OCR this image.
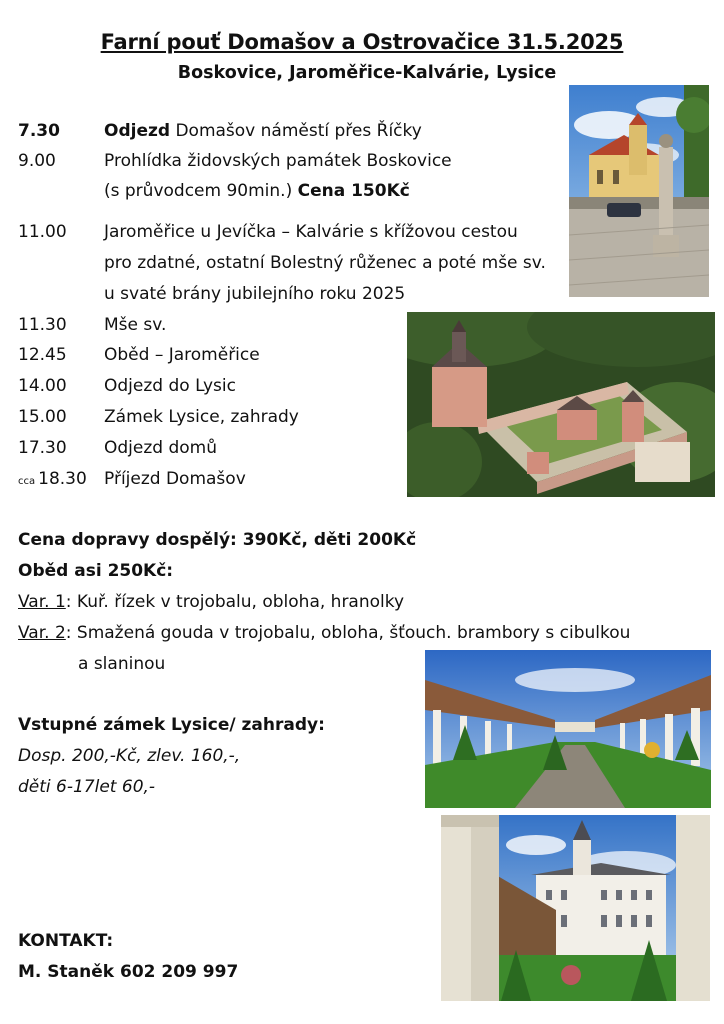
Farní pouť Domašov a Ostrovačice 31.5.2025
Boskovice, Jaroměřice-Kalvárie, Lysice
7.30	Odjezd Domašov náměstí přes Říčky
9.00	Prohlídka židovských památek Boskovice
(s průvodcem 90min.) Cena 150Kč
11.00	Jaroměřice u Jevíčka – Kalvárie s křížovou cestou
pro zdatné, ostatní Bolestný růženec a poté mše sv.
u svaté brány jubilejního roku 2025
11.30	Mše sv.
12.45	Oběd – Jaroměřice
14.00	Odjezd do Lysic
15.00	Zámek Lysice, zahrady
17.30	Odjezd domů
cca 18.30	Příjezd Domašov
Cena dopravy dospělý: 390Kč, děti 200Kč
Oběd asi 250Kč:
Var. 1: Kuř. řízek v trojobalu, obloha, hranolky
Var. 2: Smažená gouda v trojobalu, obloha, šťouch. brambory s cibulkou
a slaninou
Vstupné zámek Lysice/ zahrady:
Dosp. 200,-Kč, zlev. 160,-,
děti 6-17let 60,-
KONTAKT:
M. Staněk 602 209 997
